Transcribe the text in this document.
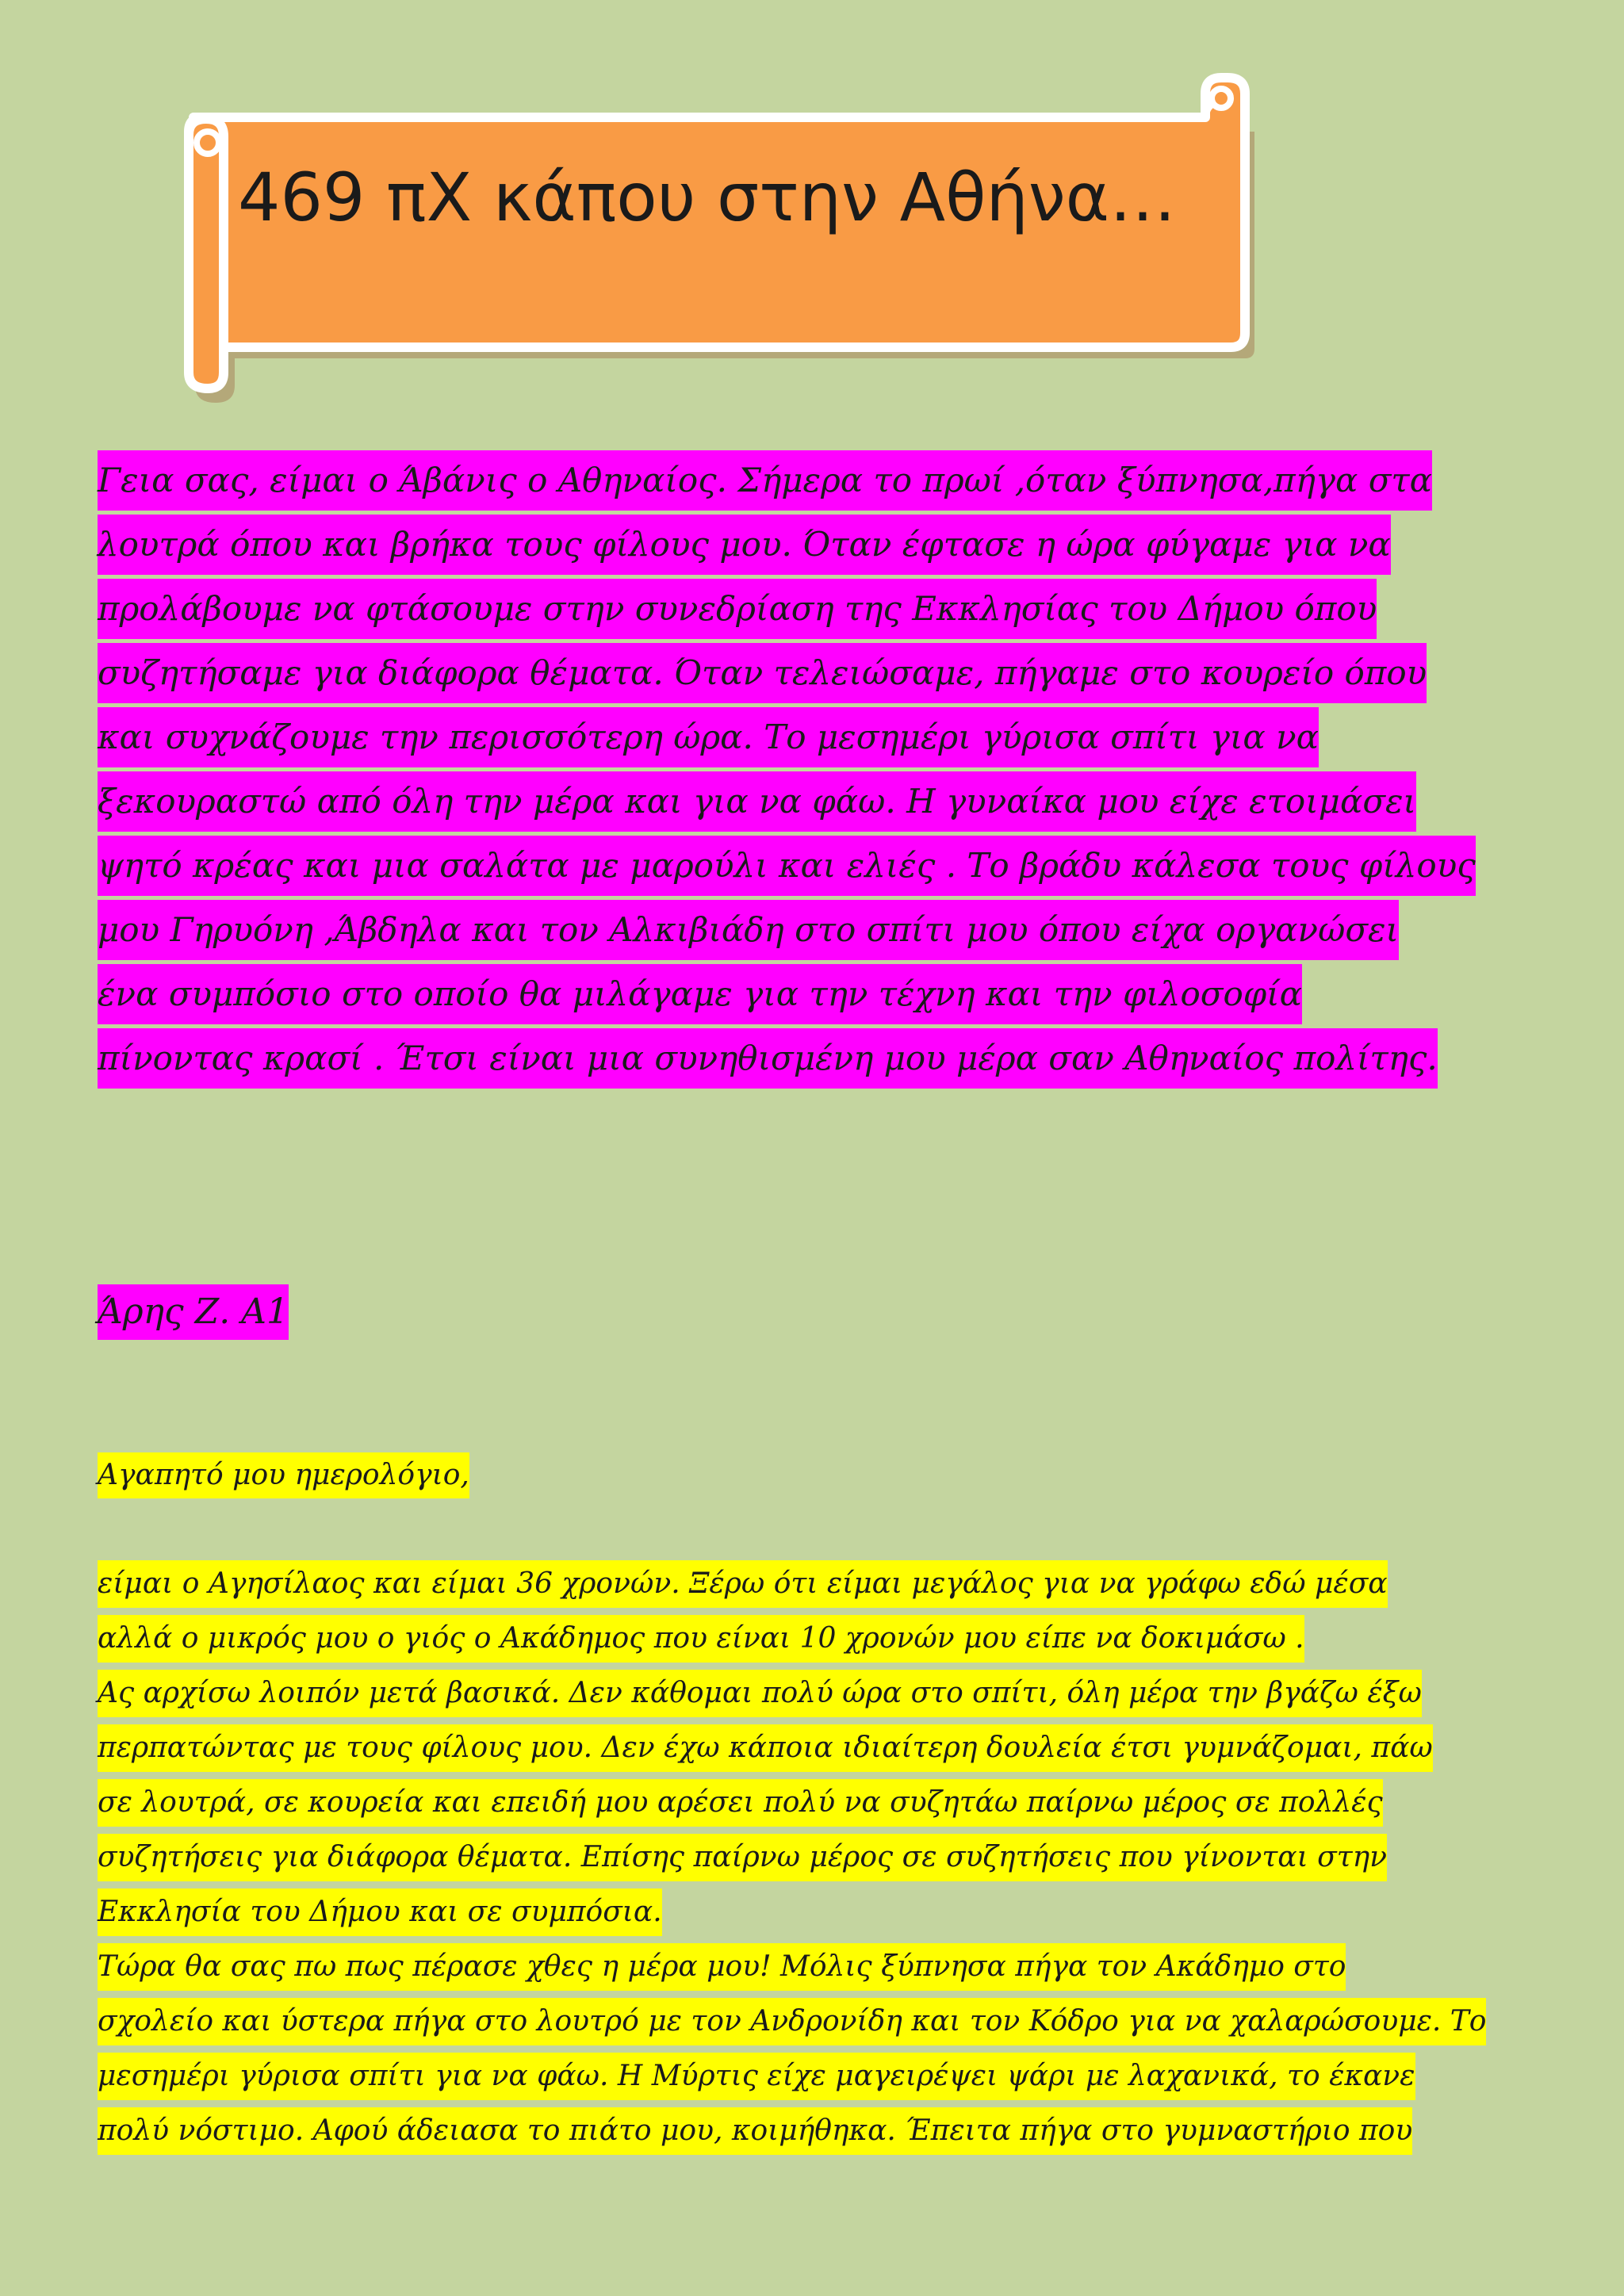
469 πΧ κάπου στην Αθήνα…
Γεια σας, είμαι ο Άβάνις ο Αθηναίος. Σήμερα το πρωί ,όταν ξύπνησα,πήγα στα
λουτρά όπου και βρήκα τους φίλους μου. Όταν έφτασε η ώρα φύγαμε για να
προλάβουμε να φτάσουμε στην συνεδρίαση της Εκκλησίας του Δήμου όπου
συζητήσαμε για διάφορα θέματα. Όταν τελειώσαμε, πήγαμε στο κουρείο όπου
και συχνάζουμε την περισσότερη ώρα. Το μεσημέρι γύρισα σπίτι για να
ξεκουραστώ από όλη την μέρα και για να φάω. Η γυναίκα μου είχε ετοιμάσει
ψητό κρέας και μια σαλάτα με μαρούλι και ελιές . Το βράδυ κάλεσα τους φίλους
μου Γηρυόνη ,Άβδηλα και τον Αλκιβιάδη στο σπίτι μου όπου είχα οργανώσει
ένα συμπόσιο στο οποίο θα μιλάγαμε για την τέχνη και την φιλοσοφία
πίνοντας κρασί . Έτσι είναι μια συνηθισμένη μου μέρα σαν Αθηναίος πολίτης.
Άρης Ζ. Α1
Αγαπητό μου ημερολόγιο,
είμαι ο Αγησίλαος και είμαι 36 χρονών. Ξέρω ότι είμαι μεγάλος για να γράφω εδώ μέσα
αλλά ο μικρός μου ο γιός ο Ακάδημος που είναι 10 χρονών μου είπε να δοκιμάσω .
Ας αρχίσω λοιπόν μετά βασικά. Δεν κάθομαι πολύ ώρα στο σπίτι, όλη μέρα την βγάζω έξω
περπατώντας με τους φίλους μου. Δεν έχω κάποια ιδιαίτερη δουλεία έτσι γυμνάζομαι, πάω
σε λουτρά, σε κουρεία και επειδή μου αρέσει πολύ να συζητάω παίρνω μέρος σε πολλές
συζητήσεις για διάφορα θέματα. Επίσης παίρνω μέρος σε συζητήσεις που γίνονται στην
Εκκλησία του Δήμου και σε συμπόσια.
Τώρα θα σας πω πως πέρασε χθες η μέρα μου! Μόλις ξύπνησα πήγα τον Ακάδημο στο
σχολείο και ύστερα πήγα στο λουτρό με τον Ανδρονίδη και τον Κόδρο για να χαλαρώσουμε. Το
μεσημέρι γύρισα σπίτι για να φάω. Η Μύρτις είχε μαγειρέψει ψάρι με λαχανικά, το έκανε
πολύ νόστιμο. Αφού άδειασα το πιάτο μου, κοιμήθηκα. Έπειτα πήγα στο γυμναστήριο που
